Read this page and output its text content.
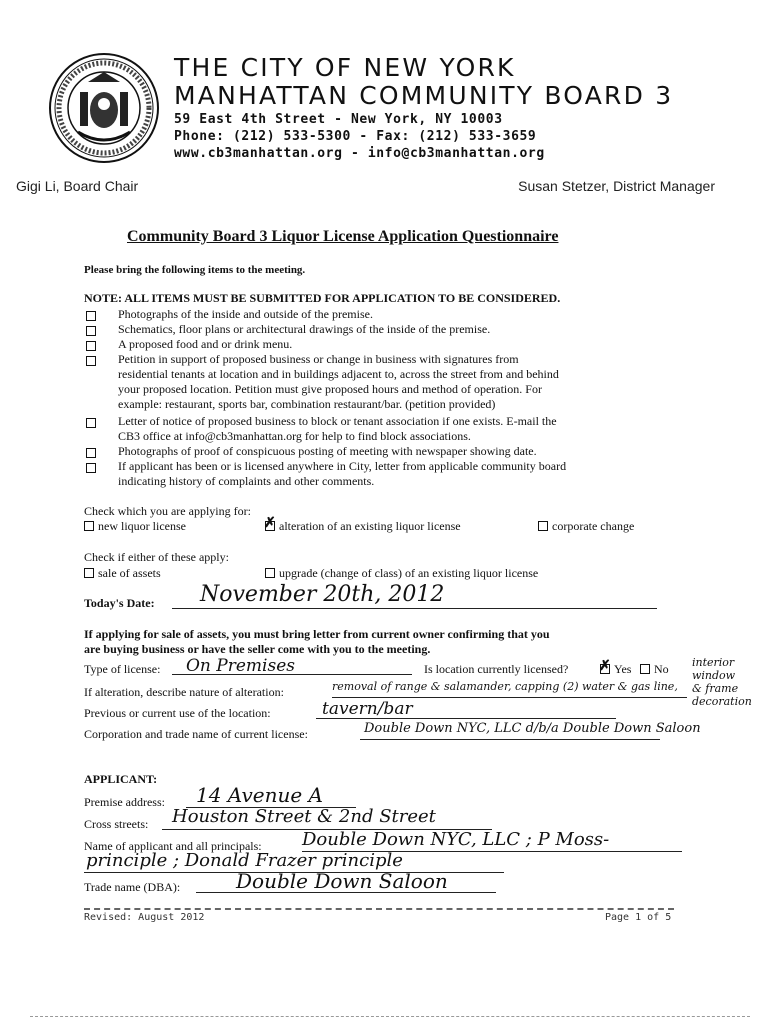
THE CITY OF NEW YORK
MANHATTAN COMMUNITY BOARD 3
59 East 4th Street - New York, NY 10003
Phone: (212) 533-5300 - Fax: (212) 533-3659
www.cb3manhattan.org - info@cb3manhattan.org
Gigi Li, Board Chair	Susan Stetzer, District Manager
Community Board 3 Liquor License Application Questionnaire
Please bring the following items to the meeting.
NOTE: ALL ITEMS MUST BE SUBMITTED FOR APPLICATION TO BE CONSIDERED.
Photographs of the inside and outside of the premise.
Schematics, floor plans or architectural drawings of the inside of the premise.
A proposed food and or drink menu.
Petition in support of proposed business or change in business with signatures from
residential tenants at location and in buildings adjacent to, across the street from and behind
your proposed location. Petition must give proposed hours and method of operation. For
example: restaurant, sports bar, combination restaurant/bar. (petition provided)
Letter of notice of proposed business to block or tenant association if one exists. E-mail the
CB3 office at info@cb3manhattan.org for help to find block associations.
Photographs of proof of conspicuous posting of meeting with newspaper showing date.
If applicant has been or is licensed anywhere in City, letter from applicable community board
indicating history of complaints and other comments.
Check which you are applying for:
new liquor license	✗ alteration of an existing liquor license	corporate change
Check if either of these apply:
sale of assets	upgrade (change of class) of an existing liquor license
Today's Date: November 20th, 2012
If applying for sale of assets, you must bring letter from current owner confirming that you
are buying business or have the seller come with you to the meeting.
Type of license: On Premises	Is location currently licensed? ✗ Yes	No interior
window
& frame
decoration
If alteration, describe nature of alteration:	removal of range & salamander, capping (2) water & gas line,
Previous or current use of the location:	tavern/bar
Corporation and trade name of current license:	Double Down NYC, LLC d/b/a Double Down Saloon
APPLICANT:
Premise address: 14 Avenue A
Cross streets: Houston Street & 2nd Street
Name of applicant and all principals: Double Down NYC, LLC ; P Moss-
principle ; Donald Frazer principle
Trade name (DBA):	Double Down Saloon
Revised: August 2012	Page 1 of 5
